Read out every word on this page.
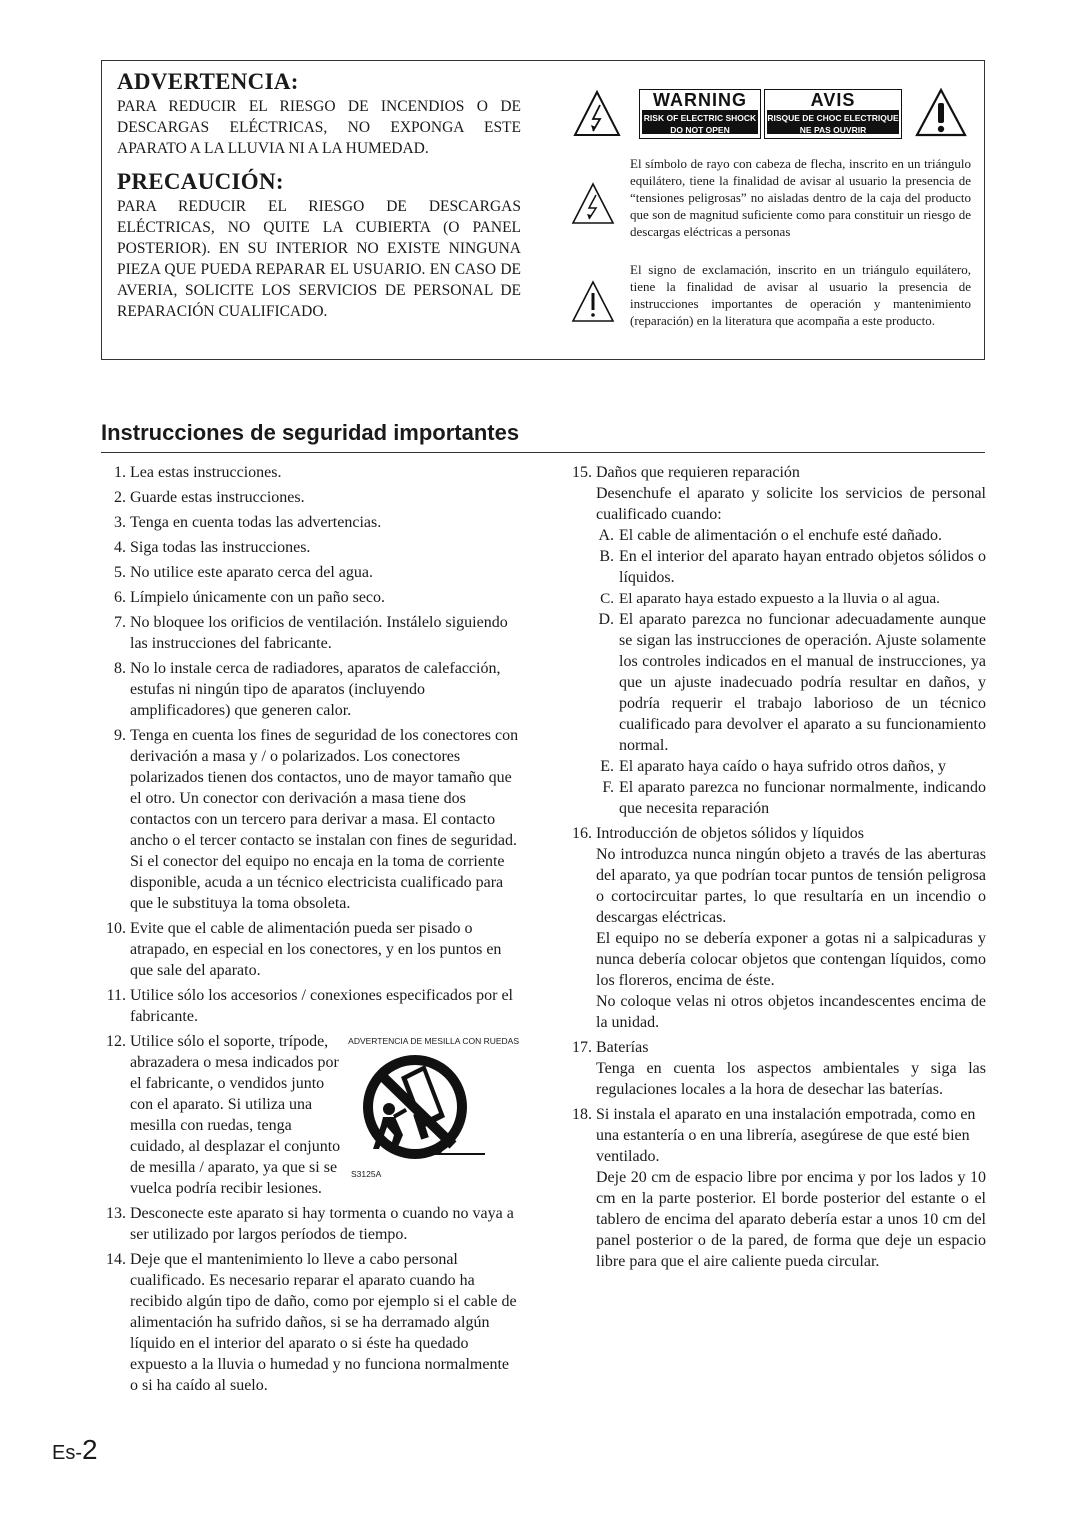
ADVERTENCIA:

PARA REDUCIR EL RIESGO DE INCENDIOS O DE DESCARGAS ELÉCTRICAS, NO EXPONGA ESTE APARATO A LA LLUVIA NI A LA HUMEDAD.

PRECAUCIÓN:

PARA REDUCIR EL RIESGO DE DESCARGAS ELÉCTRICAS, NO QUITE LA CUBIERTA (O PANEL POSTERIOR). EN SU INTERIOR NO EXISTE NINGUNA PIEZA QUE PUEDA REPARAR EL USUARIO. EN CASO DE AVERIA, SOLICITE LOS SERVICIOS DE PERSONAL DE REPARACIÓN CUALIFICADO.

WARNING
RISK OF ELECTRIC SHOCK
DO NOT OPEN
AVIS
RISQUE DE CHOC ELECTRIQUE
NE PAS OUVRIR

El símbolo de rayo con cabeza de flecha, inscrito en un triángulo equilátero, tiene la finalidad de avisar al usuario la presencia de “tensiones peligrosas” no aisladas dentro de la caja del producto que son de magnitud suficiente como para constituir un riesgo de descargas eléctricas a personas

El signo de exclamación, inscrito en un triángulo equilátero, tiene la finalidad de avisar al usuario la presencia de instrucciones importantes de operación y mantenimiento (reparación) en la literatura que acompaña a este producto.

Instrucciones de seguridad importantes
1. Lea estas instrucciones.
2. Guarde estas instrucciones.
3. Tenga en cuenta todas las advertencias.
4. Siga todas las instrucciones.
5. No utilice este aparato cerca del agua.
6. Límpielo únicamente con un paño seco.
7. No bloquee los orificios de ventilación. Instálelo siguiendo las instrucciones del fabricante.
8. No lo instale cerca de radiadores, aparatos de calefacción, estufas ni ningún tipo de aparatos (incluyendo amplificadores) que generen calor.
9. Tenga en cuenta los fines de seguridad de los conectores con derivación a masa y / o polarizados. Los conectores polarizados tienen dos contactos, uno de mayor tamaño que el otro. Un conector con derivación a masa tiene dos contactos con un tercero para derivar a masa. El contacto ancho o el tercer contacto se instalan con fines de seguridad. Si el conector del equipo no encaja en la toma de corriente disponible, acuda a un técnico electricista cualificado para que le substituya la toma obsoleta.
10. Evite que el cable de alimentación pueda ser pisado o atrapado, en especial en los conectores, y en los puntos en que sale del aparato.
11. Utilice sólo los accesorios / conexiones especificados por el fabricante.
12.	ADVERTENCIA DE MESILLA CON RUEDAS
S3125A
Utilice sólo el soporte, trípode, abrazadera o mesa indicados por el fabricante, o vendidos junto con el aparato. Si utiliza una mesilla con ruedas, tenga cuidado, al desplazar el conjunto de mesilla / aparato, ya que si se vuelca podría recibir lesiones.
13. Desconecte este aparato si hay tormenta o cuando no vaya a ser utilizado por largos períodos de tiempo.
14. Deje que el mantenimiento lo lleve a cabo personal cualificado. Es necesario reparar el aparato cuando ha recibido algún tipo de daño, como por ejemplo si el cable de alimentación ha sufrido daños, si se ha derramado algún líquido en el interior del aparato o si éste ha quedado expuesto a la lluvia o humedad y no funciona normalmente o si ha caído al suelo.
15. Daños que requieren reparación
Desenchufe el aparato y solicite los servicios de personal cualificado cuando:
A. El cable de alimentación o el enchufe esté dañado.
B. En el interior del aparato hayan entrado objetos sólidos o líquidos.
C. El aparato haya estado expuesto a la lluvia o al agua.
D. El aparato parezca no funcionar adecuadamente aunque se sigan las instrucciones de operación. Ajuste solamente los controles indicados en el manual de instrucciones, ya que un ajuste inadecuado podría resultar en daños, y podría requerir el trabajo laborioso de un técnico cualificado para devolver el aparato a su funcionamiento normal.
E. El aparato haya caído o haya sufrido otros daños, y
F. El aparato parezca no funcionar normalmente, indicando que necesita reparación
16. Introducción de objetos sólidos y líquidos
No introduzca nunca ningún objeto a través de las aberturas del aparato, ya que podrían tocar puntos de tensión peligrosa o cortocircuitar partes, lo que resultaría en un incendio o descargas eléctricas.
El equipo no se debería exponer a gotas ni a salpicaduras y nunca debería colocar objetos que contengan líquidos, como los floreros, encima de éste.
No coloque velas ni otros objetos incandescentes encima de la unidad.
17. Baterías
Tenga en cuenta los aspectos ambientales y siga las regulaciones locales a la hora de desechar las baterías.
18. Si instala el aparato en una instalación empotrada, como en una estantería o en una librería, asegúrese de que esté bien ventilado.
Deje 20 cm de espacio libre por encima y por los lados y 10 cm en la parte posterior. El borde posterior del estante o el tablero de encima del aparato debería estar a unos 10 cm del panel posterior o de la pared, de forma que deje un espacio libre para que el aire caliente pueda circular.
Es-2
